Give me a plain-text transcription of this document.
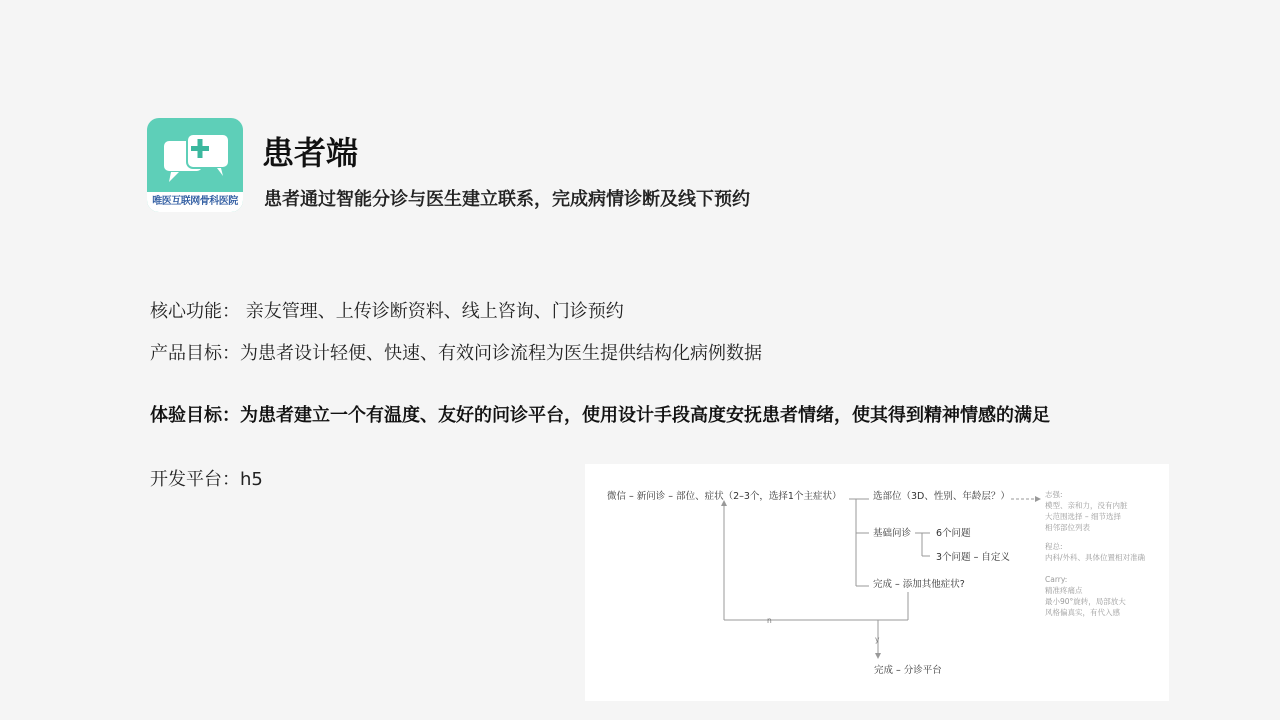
唯医互联网骨科医院
患者端
患者通过智能分诊与医生建立联系，完成病情诊断及线下预约
核心功能： 亲友管理、上传诊断资料、线上咨询、门诊预约
产品目标：为患者设计轻便、快速、有效问诊流程为医生提供结构化病例数据
体验目标：为患者建立一个有温度、友好的问诊平台，使用设计手段高度安抚患者情绪，使其得到精神情感的满足
开发平台：h5
微信 – 新问诊 – 部位、症状（2–3个，选择1个主症状）	选部位（3D、性别、年龄层？）
基础问诊	6个问题
3个问题 – 自定义
完成 – 添加其他症状?
n
y
完成 – 分诊平台
志强:
模型、亲和力，没有内脏
大范围选择 – 细节选择
相邻部位列表
程总:
内科/外科、具体位置相对准确
Carry:
精准疼痛点
最小90°旋转，局部放大
风格偏真实，有代入感
